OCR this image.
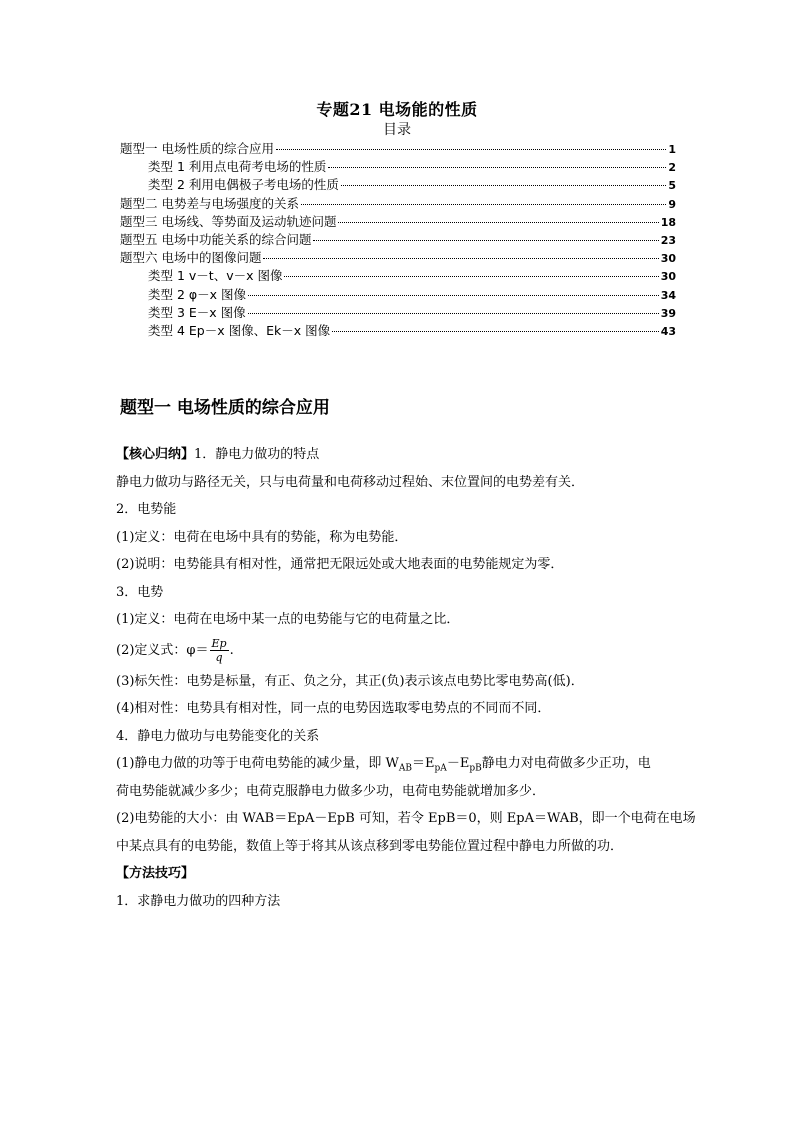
专题21 电场能的性质
目录
题型一 电场性质的综合应用	1
类型 1 利用点电荷考电场的性质	2
类型 2 利用电偶极子考电场的性质	5
题型二 电势差与电场强度的关系	9
题型三 电场线、等势面及运动轨迹问题	18
题型五 电场中功能关系的综合问题	23
题型六 电场中的图像问题	30
类型 1 v－t、v－x 图像	30
类型 2 φ－x 图像	34
类型 3 E－x 图像	39
类型 4 Ep－x 图像、Ek－x 图像	43
题型一 电场性质的综合应用
【核心归纳】1．静电力做功的特点
静电力做功与路径无关，只与电荷量和电荷移动过程始、末位置间的电势差有关．
2．电势能
(1)定义：电荷在电场中具有的势能，称为电势能．
(2)说明：电势能具有相对性，通常把无限远处或大地表面的电势能规定为零．
3．电势
(1)定义：电荷在电场中某一点的电势能与它的电荷量之比．
(2)定义式：$\varphi= \frac{Ep}{q}$ .
(3)标矢性：电势是标量，有正、负之分，其正(负)表示该点电势比零电势高(低)．
(4)相对性：电势具有相对性，同一点的电势因选取零电势点的不同而不同．
4．静电力做功与电势能变化的关系
(1)静电力做的功等于电荷电势能的减少量，即 $W_{AB}=E_{pA}-E_{pB}$静电力对电荷做多少正功，电
荷电势能就减少多少；电荷克服静电力做多少功，电荷电势能就增加多少．
(2)电势能的大小：由 WAB＝EpA－EpB 可知，若令 EpB＝0，则 EpA＝WAB，即一个电荷在电场
中某点具有的电势能，数值上等于将其从该点移到零电势能位置过程中静电力所做的功．
【方法技巧】
1．求静电力做功的四种方法
